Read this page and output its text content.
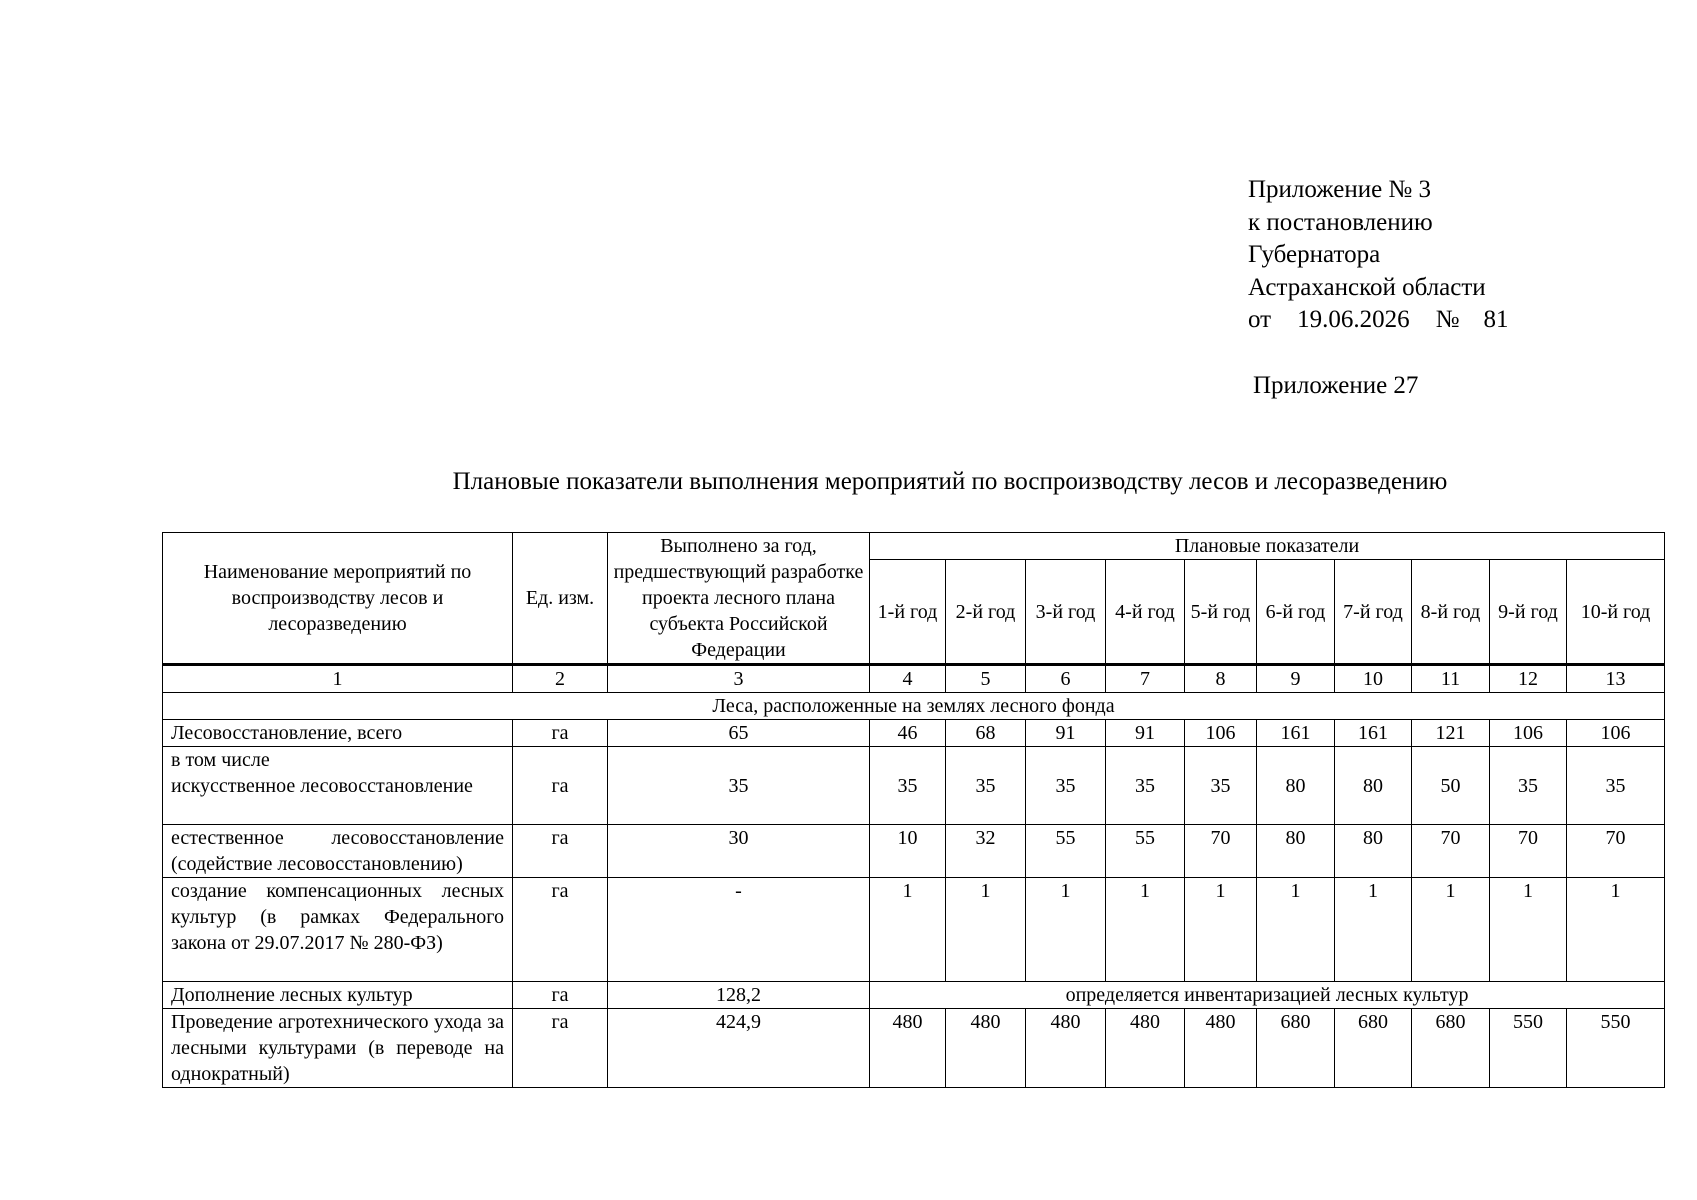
Приложение № 3
к постановлению
Губернатора
Астраханской области
от 19.06.2026 № 81
Приложение 27
Плановые показатели выполнения мероприятий по воспроизводству лесов и лесоразведению
Наименование мероприятий по воспроизводству лесов и лесоразведению	Ед. изм.	Выполнено за год, предшествующий разработке проекта лесного плана субъекта Российской Федерации	Плановые показатели									
			1-й год	2-й год	3-й год	4-й год	5-й год	6-й год	7-й год	8-й год	9-й год	10-й год
1	2	3	4	5	6	7	8	9	10	11	12	13
Леса, расположенные на землях лесного фонда												
Лесовосстановление, всего	га	65	46	68	91	91	106	161	161	121	106	106

в том числе
искусственное лесовосстановление	га	35	35	35	35	35	35	80	80	50	35	35
естественное лесовосстановление (содействие лесовосстановлению)	га	30	10	32	55	55	70	80	80	70	70	70
создание компенсационных лесных культур (в рамках Федерального закона от 29.07.2017 № 280-ФЗ)	га	-	1	1	1	1	1	1	1	1	1	1
Дополнение лесных культур	га	128,2	определяется инвентаризацией лесных культур									
Проведение агротехнического ухода за лесными культурами (в переводе на однократный)	га	424,9	480	480	480	480	480	680	680	680	550	550
